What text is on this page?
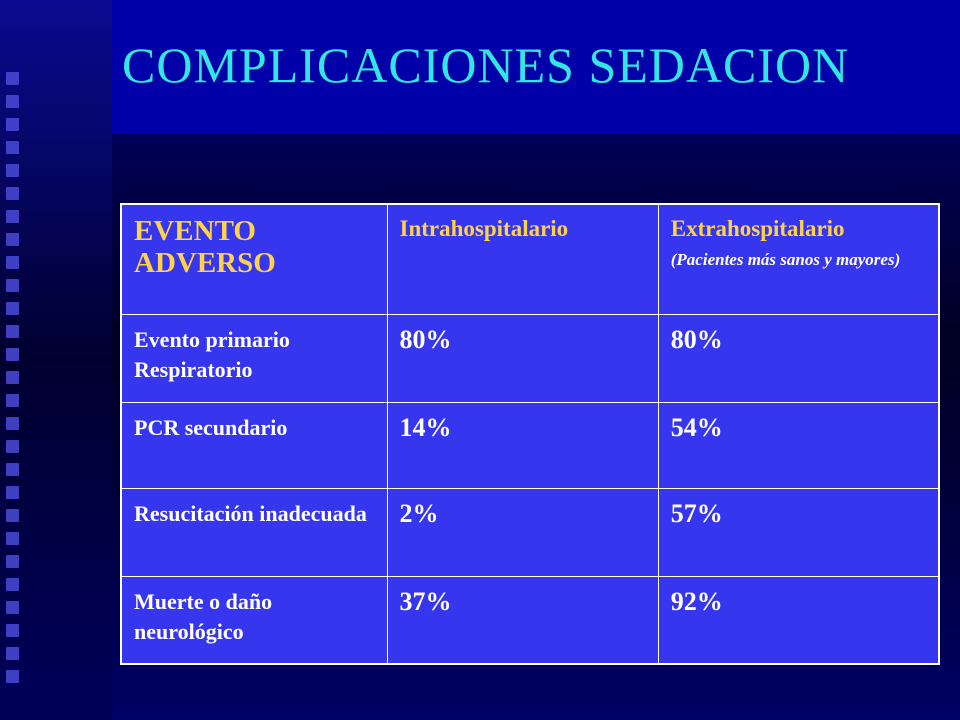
COMPLICACIONES SEDACION
EVENTO ADVERSO	Intrahospitalario	Extrahospitalario
(Pacientes más sanos y mayores)

Evento primario Respiratorio	80%	80%
PCR secundario	14%	54%
Resucitación inadecuada	2%	57%
Muerte o daño neurológico	37%	92%
